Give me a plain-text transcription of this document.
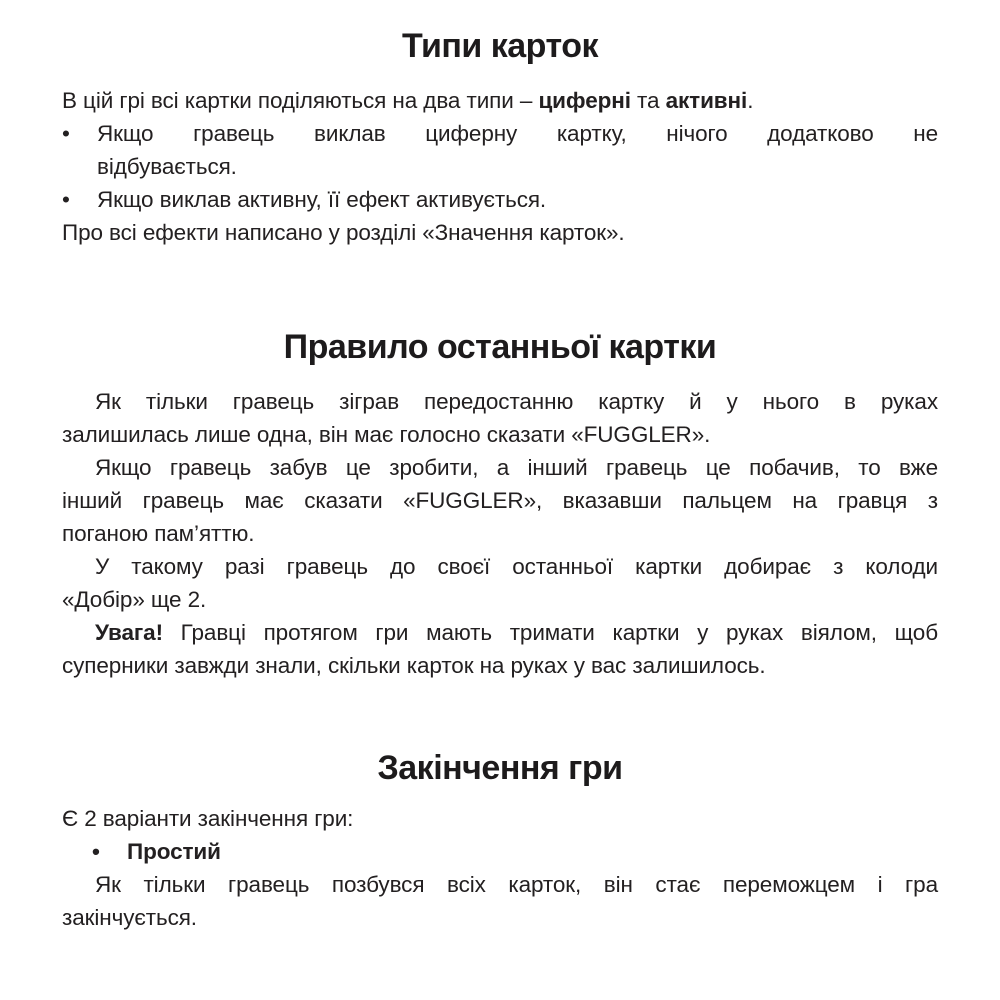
Типи карток

В цій грі всі картки поділяються на два типи – циферні та активні.

•	Якщо гравець виклав циферну картку, нічого додатково не
відбувається.
•	Якщо виклав активну, її ефект активується.
Про всі ефекти написано у розділі «Значення карток».
Правило останньої картки
Як тільки гравець зіграв передостанню картку й у нього в руках
залишилась лише одна, він має голосно сказати «FUGGLER».
Якщо гравець забув це зробити, а інший гравець це побачив, то вже
інший гравець має сказати «FUGGLER», вказавши пальцем на гравця з
поганою пам’яттю.
У такому разі гравець до своєї останньої картки добирає з колоди
«Добір» ще 2.
Увага! Гравці протягом гри мають тримати картки у руках віялом, щоб
суперники завжди знали, скільки карток на руках у вас залишилось.
Закінчення гри
Є 2 варіанти закінчення гри:
•	Простий
Як тільки гравець позбувся всіх карток, він стає переможцем і гра
закінчується.
